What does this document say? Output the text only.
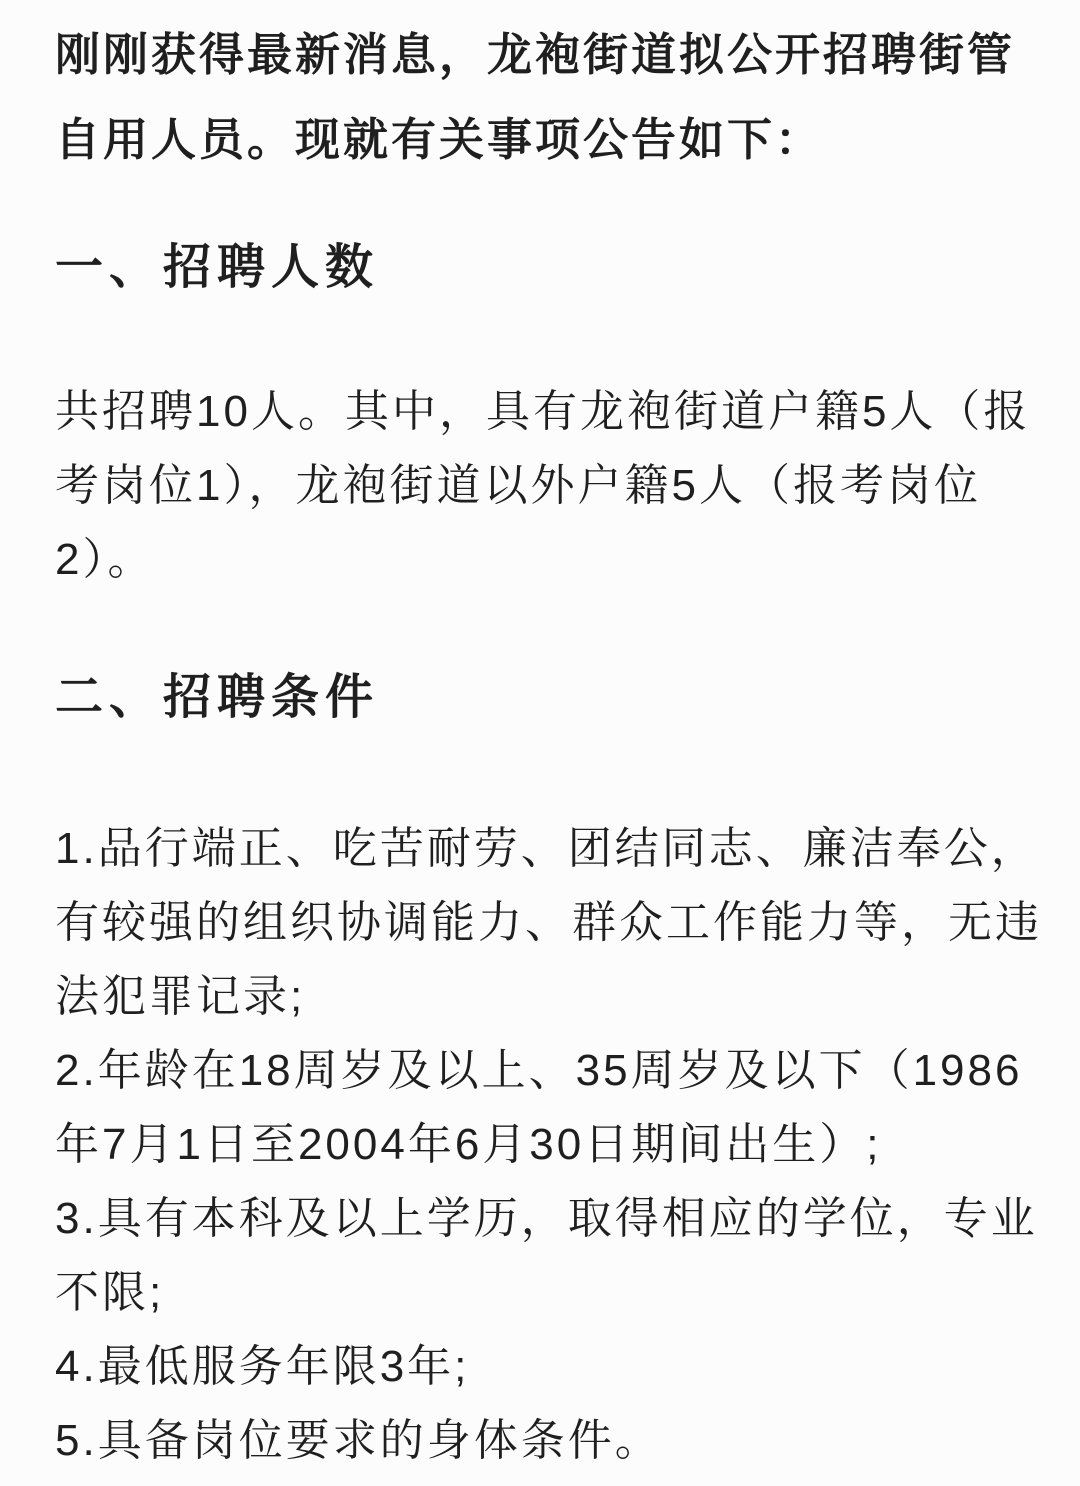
刚刚获得最新消息，龙袍街道拟公开招聘街管
自用人员。现就有关事项公告如下：

一、招聘人数

共招聘10人。其中，具有龙袍街道户籍5人（报
考岗位1），龙袍街道以外户籍5人（报考岗位
2）。

二、招聘条件
1.品行端正、吃苦耐劳、团结同志、廉洁奉公，
有较强的组织协调能力、群众工作能力等，无违
法犯罪记录;
2.年龄在18周岁及以上、35周岁及以下（1986
年7月1日至2004年6月30日期间出生）;
3.具有本科及以上学历，取得相应的学位，专业
不限;
4.最低服务年限3年;
5.具备岗位要求的身体条件。
